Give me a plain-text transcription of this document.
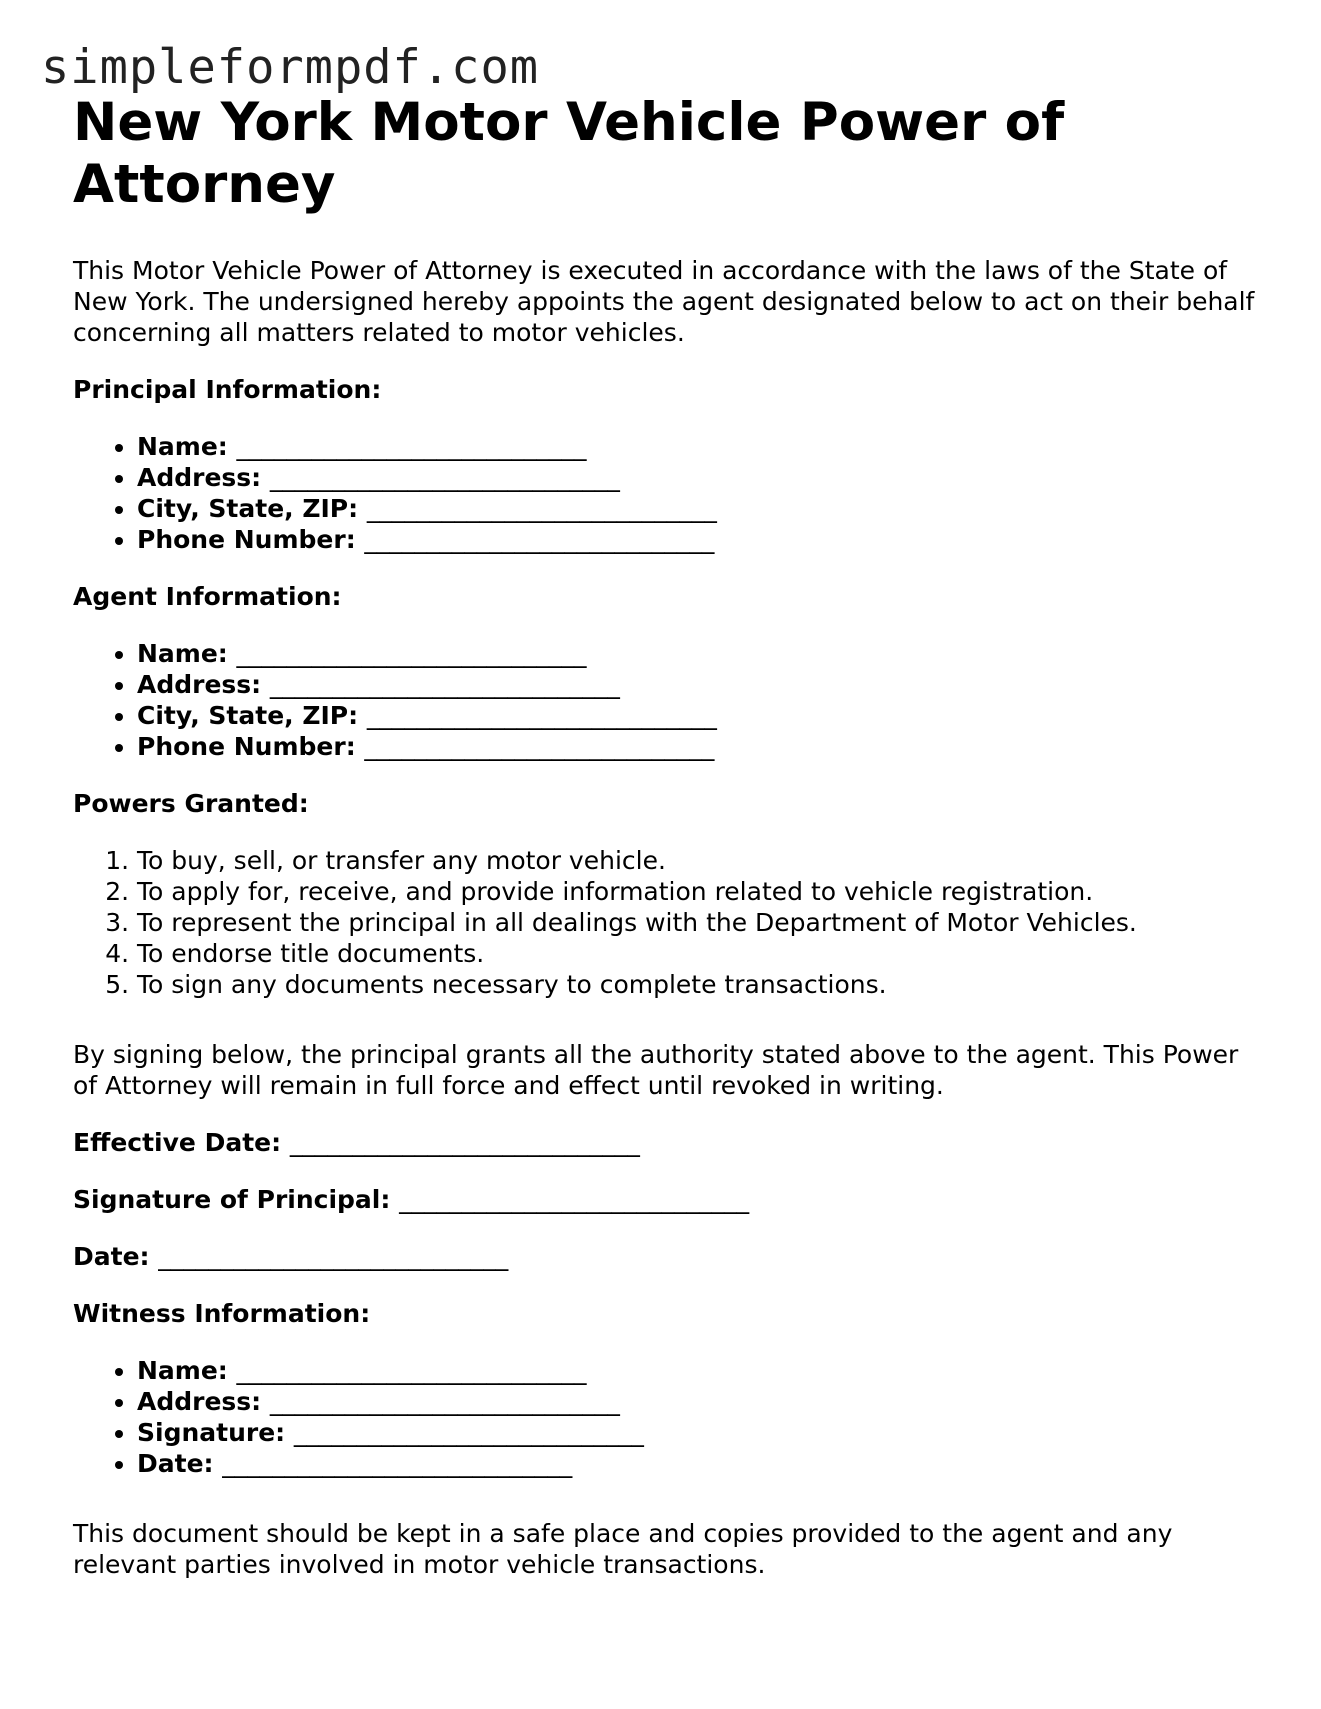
simpleformpdf.com
New York Motor Vehicle Power of Attorney

This Motor Vehicle Power of Attorney is executed in accordance with the laws of the State of New York. The undersigned hereby appoints the agent designated below to act on their behalf concerning all matters related to motor vehicles.

Principal Information:
• Name: ____________________________
• Address: ____________________________
• City, State, ZIP: ____________________________
• Phone Number: ____________________________
Agent Information:
• Name: ____________________________
• Address: ____________________________
• City, State, ZIP: ____________________________
• Phone Number: ____________________________
Powers Granted:
1. To buy, sell, or transfer any motor vehicle.
2. To apply for, receive, and provide information related to vehicle registration.
3. To represent the principal in all dealings with the Department of Motor Vehicles.
4. To endorse title documents.
5. To sign any documents necessary to complete transactions.

By signing below, the principal grants all the authority stated above to the agent. This Power of Attorney will remain in full force and effect until revoked in writing.

Effective Date: ____________________________
Signature of Principal: ____________________________
Date: ____________________________
Witness Information:
• Name: ____________________________
• Address: ____________________________
• Signature: ____________________________
• Date: ____________________________

This document should be kept in a safe place and copies provided to the agent and any relevant parties involved in motor vehicle transactions.
